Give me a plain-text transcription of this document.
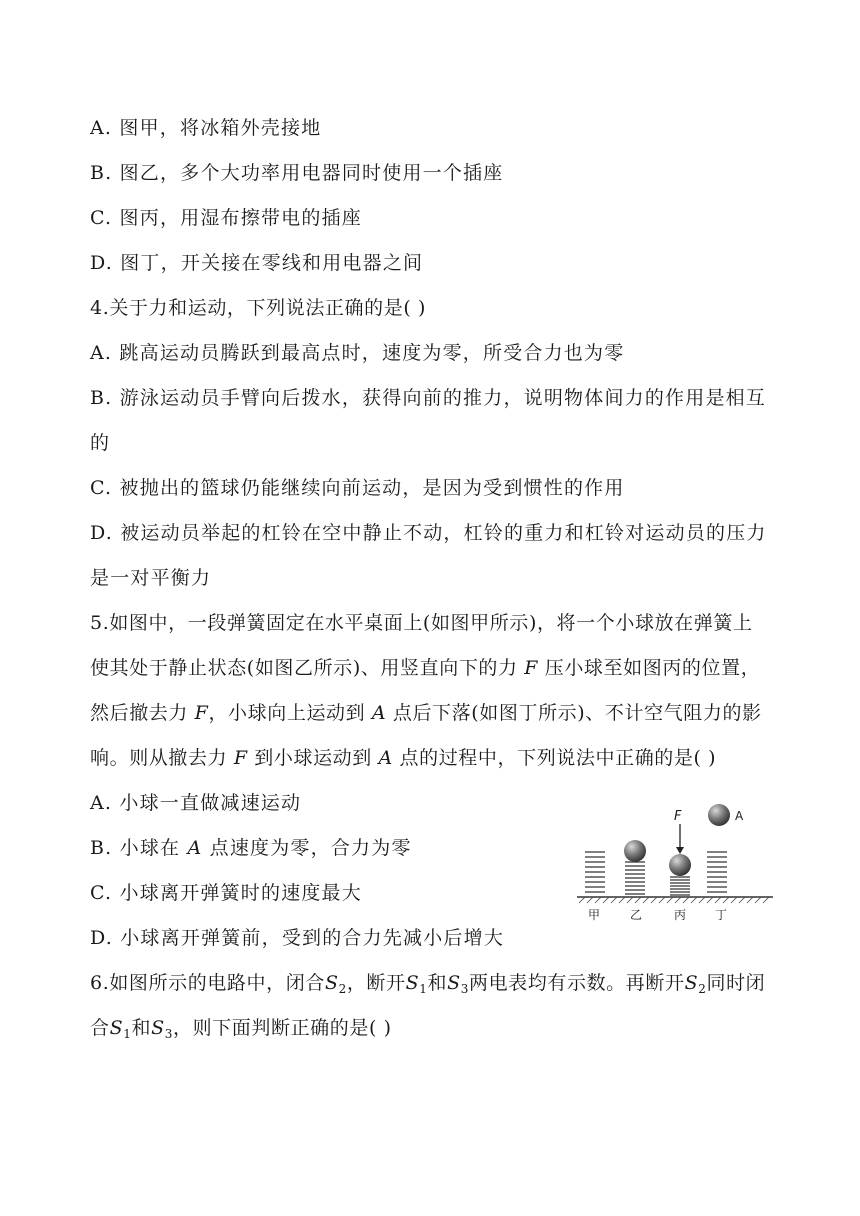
A. 图甲，将冰箱外壳接地
B. 图乙，多个大功率用电器同时使用一个插座
C. 图丙，用湿布擦带电的插座
D. 图丁，开关接在零线和用电器之间
4.关于力和运动，下列说法正确的是( )
A. 跳高运动员腾跃到最高点时，速度为零，所受合力也为零
B. 游泳运动员手臂向后拨水，获得向前的推力，说明物体间力的作用是相互
的
C. 被抛出的篮球仍能继续向前运动，是因为受到惯性的作用
D. 被运动员举起的杠铃在空中静止不动，杠铃的重力和杠铃对运动员的压力
是一对平衡力
5.如图中，一段弹簧固定在水平桌面上(如图甲所示)，将一个小球放在弹簧上
使其处于静止状态(如图乙所示)、用竖直向下的力 F 压小球至如图丙的位置，
然后撤去力 F，小球向上运动到 A 点后下落(如图丁所示)、不计空气阻力的影
响。则从撤去力 F 到小球运动到 A 点的过程中，下列说法中正确的是( )
A. 小球一直做减速运动
B. 小球在 A 点速度为零，合力为零
C. 小球离开弹簧时的速度最大
D. 小球离开弹簧前，受到的合力先减小后增大
6.如图所示的电路中，闭合$S_2$，断开$S_1$和$S_3$两电表均有示数。再断开$S_2$同时闭
合$S_1$和$S_3$，则下面判断正确的是( )
F	A
甲 乙	丙 丁
